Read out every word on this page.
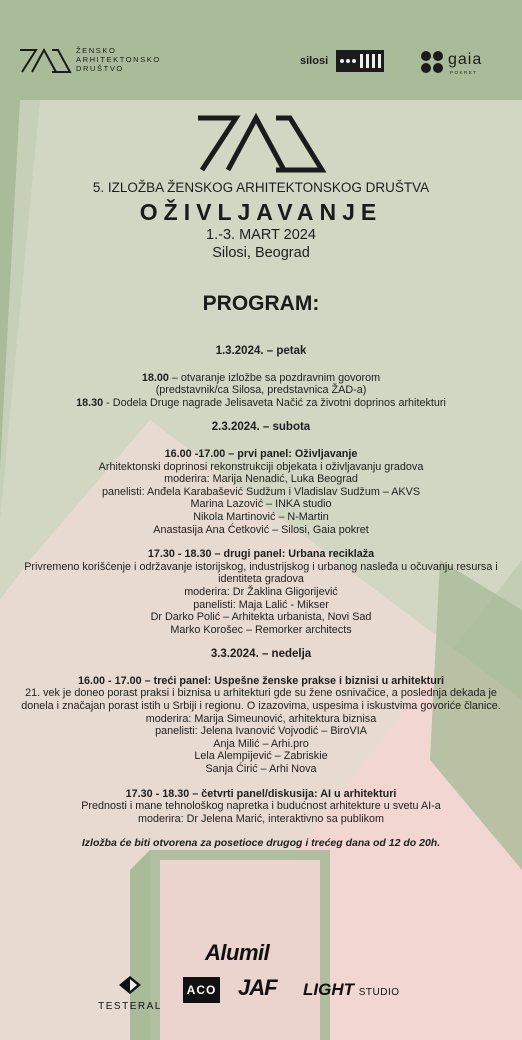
ŽENSKO
ARHITEKTONSKO
DRUŠTVO
silosi	gaia
POKRET
5. IZLOŽBA ŽENSKOG ARHITEKTONSKOG DRUŠTVA
OŽIVLJAVANJE
1.-3. MART 2024
Silosi, Beograd
PROGRAM:
1.3.2024. – petak
18.00 – otvaranje izložbe sa pozdravnim govorom
(predstavnik/ca Silosa, predstavnica ŽAD-a)
18.30 - Dodela Druge nagrade Jelisaveta Načić za životni doprinos arhitekturi
2.3.2024. – subota
16.00 -17.00 – prvi panel: Oživljavanje
Arhitektonski doprinosi rekonstrukciji objekata i oživljavanju gradova
moderira: Marija Nenadić, Luka Beograd
panelisti: Anđela Karabašević Sudžum i Vladislav Sudžum – AKVS
Marina Lazović – INKA studio
Nikola Martinović – N-Martin
Anastasija Ana Ćetković – Silosi, Gaia pokret
17.30 - 18.30 – drugi panel: Urbana reciklaža
Privremeno korišćenje i održavanje istorijskog, industrijskog i urbanog nasleđa u očuvanju resursa i identiteta gradova
moderira: Dr Žaklina Gligorijević
panelisti: Maja Lalić - Mikser
Dr Darko Polić – Arhitekta urbanista, Novi Sad
Marko Korošec – Remorker architects
3.3.2024. – nedelja
16.00 - 17.00 – treći panel: Uspešne ženske prakse i biznisi u arhitekturi
21. vek je doneo porast praksi i biznisa u arhitekturi gde su žene osnivačice, a poslednja dekada je donela i značajan porast istih u Srbiji i regionu. O izazovima, uspesima i iskustvima govoriće članice.
moderira: Marija Simeunović, arhitektura biznisa
panelisti: Jelena Ivanović Vojvodić – BiroVIA
Anja Milić – Arhi.pro
Lela Alempijević – Zabriskie
Sanja Ćirić – Arhi Nova
17.30 - 18.30 – četvrti panel/diskusija: AI u arhitekturi
Prednosti i mane tehnološkog napretka i budućnost arhitekture u svetu AI-a
moderira: Dr Jelena Marić, interaktivno sa publikom
Izložba će biti otvorena za posetioce drugog i trećeg dana od 12 do 20h.
Alumil
TESTERAL
ACO JAF LIGHT STUDIO
